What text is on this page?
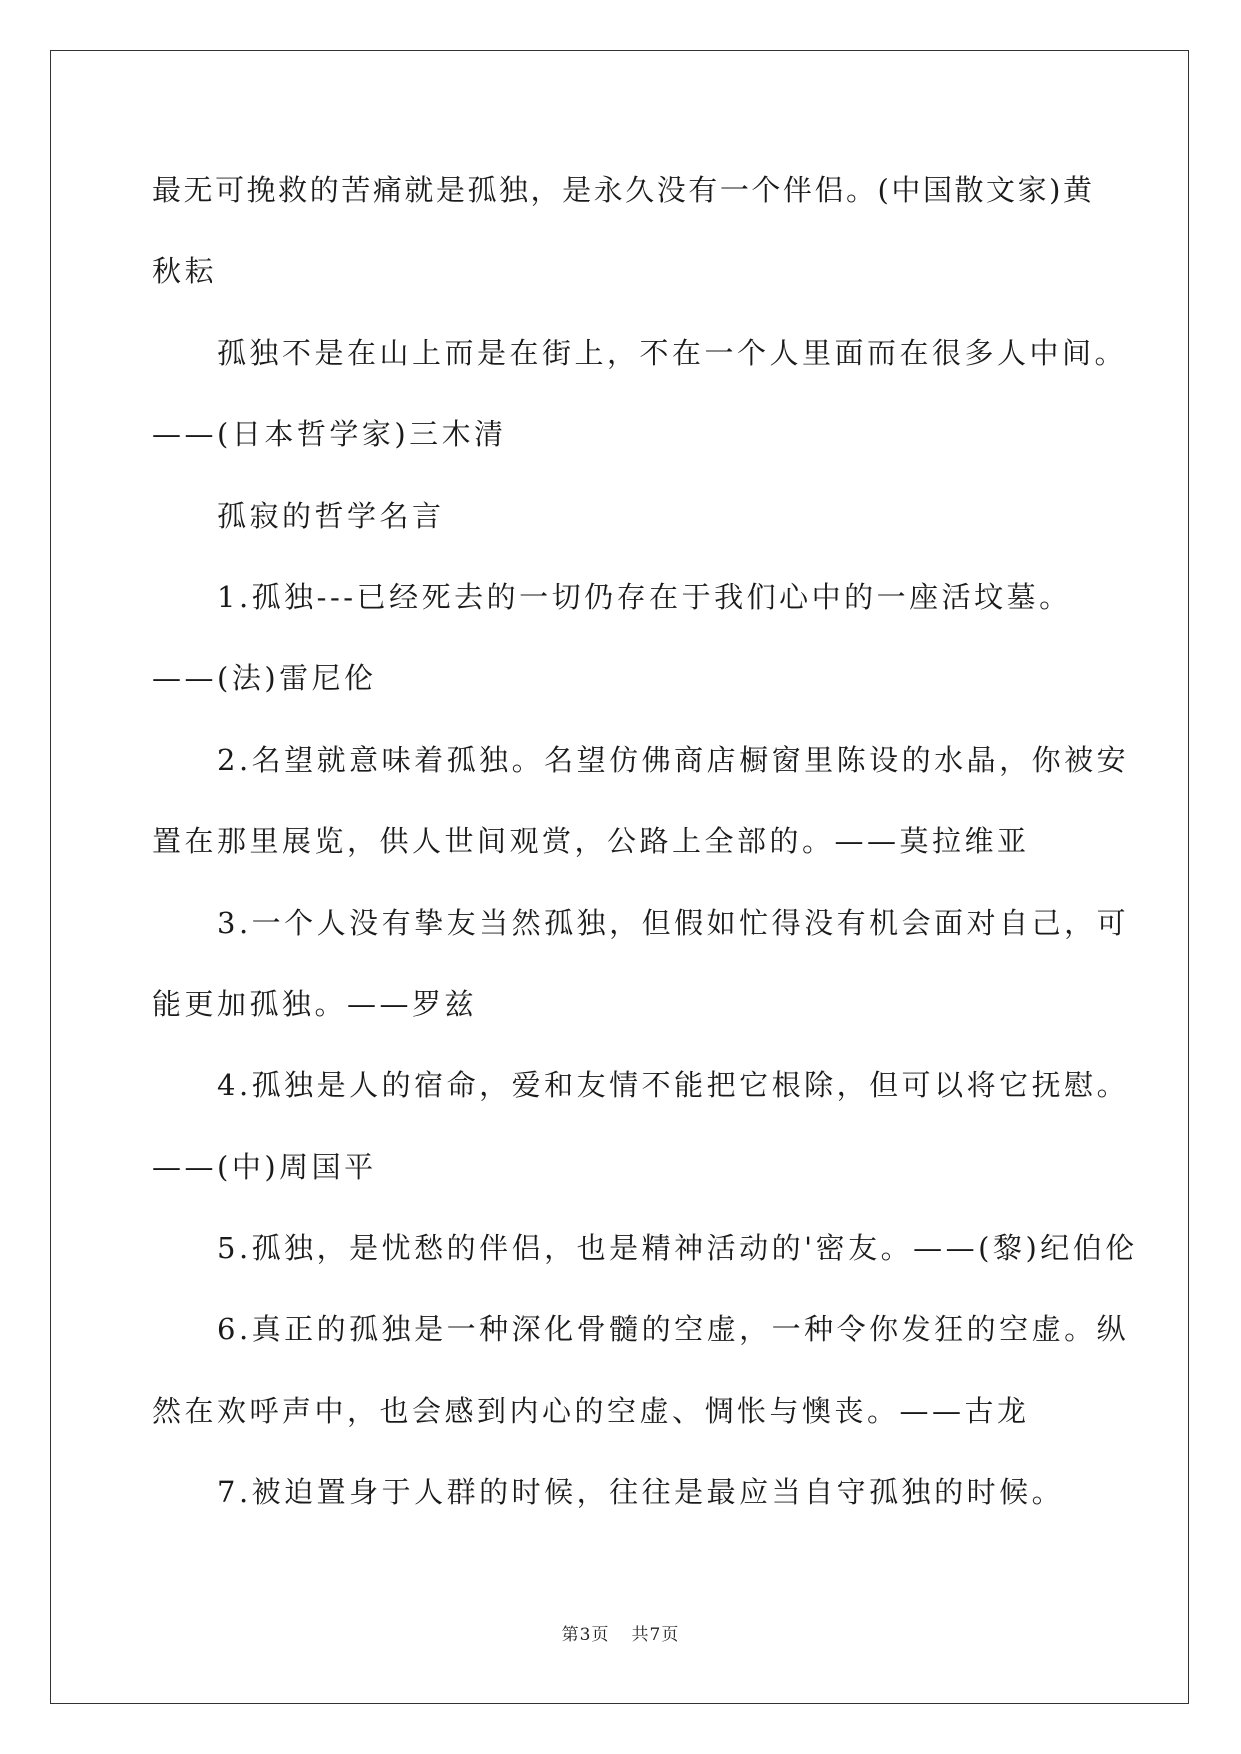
最无可挽救的苦痛就是孤独，是永久没有一个伴侣。(中国散文家)黄
秋耘
孤独不是在山上而是在街上，不在一个人里面而在很多人中间。
——(日本哲学家)三木清
孤寂的哲学名言
1.孤独---已经死去的一切仍存在于我们心中的一座活坟墓。
——(法)雷尼伦
2.名望就意味着孤独。名望仿佛商店橱窗里陈设的水晶，你被安
置在那里展览，供人世间观赏，公路上全部的。——莫拉维亚
3.一个人没有挚友当然孤独，但假如忙得没有机会面对自己，可
能更加孤独。——罗兹
4.孤独是人的宿命，爱和友情不能把它根除，但可以将它抚慰。
——(中)周国平
5.孤独，是忧愁的伴侣，也是精神活动的'密友。——(黎)纪伯伦
6.真正的孤独是一种深化骨髓的空虚，一种令你发狂的空虚。纵
然在欢呼声中，也会感到内心的空虚、惆怅与懊丧。——古龙
7.被迫置身于人群的时候，往往是最应当自守孤独的时候。
第3页 共7页
